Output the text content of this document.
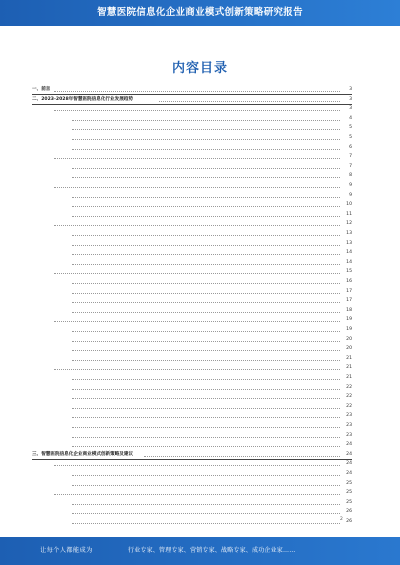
智慧医院信息化企业商业模式创新策略研究报告
内容目录
一、前言	3
二、2023-2028年智慧医院信息化行业发展趋势	3
3
4
5
5
6
7
7
8
9
9
10
11
12
13
13
14
14
15
16
17
17
18
19
19
20
20
21
21
21
22
22
22
23
23
23
24
三、智慧医院信息化企业商业模式创新策略及建议	24
24
24
25
25
25
26
26
让每个人都能成为	行业专家、管理专家、营销专家、战略专家、成功企业家……
2
